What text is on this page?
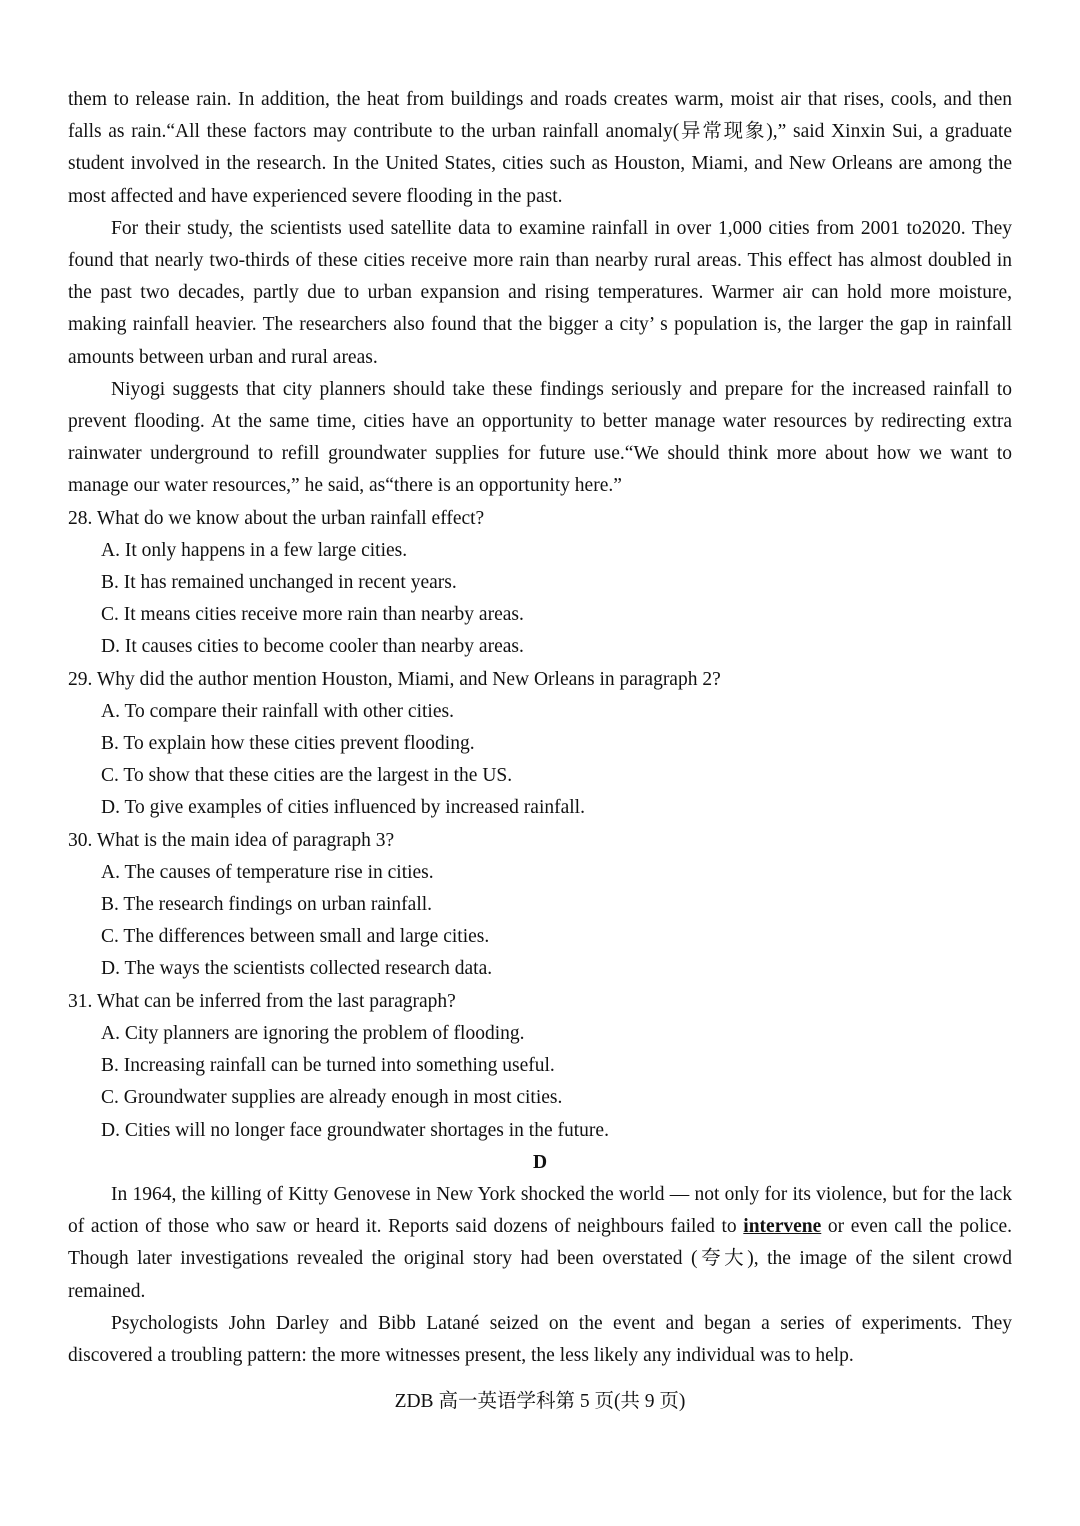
them to release rain. In addition, the heat from buildings and roads creates warm, moist air that rises, cools, and then falls as rain.“All these factors may contribute to the urban rainfall anomaly(异常现象),” said Xinxin Sui, a graduate student involved in the research. In the United States, cities such as Houston, Miami, and New Orleans are among the most affected and have experienced severe flooding in the past.

For their study, the scientists used satellite data to examine rainfall in over 1,000 cities from 2001 to2020. They found that nearly two-thirds of these cities receive more rain than nearby rural areas. This effect has almost doubled in the past two decades, partly due to urban expansion and rising temperatures. Warmer air can hold more moisture, making rainfall heavier. The researchers also found that the bigger a city’ s population is, the larger the gap in rainfall amounts between urban and rural areas.

Niyogi suggests that city planners should take these findings seriously and prepare for the increased rainfall to prevent flooding. At the same time, cities have an opportunity to better manage water resources by redirecting extra rainwater underground to refill groundwater supplies for future use.“We should think more about how we want to manage our water resources,” he said, as“there is an opportunity here.”

28. What do we know about the urban rainfall effect?

A. It only happens in a few large cities.

B. It has remained unchanged in recent years.

C. It means cities receive more rain than nearby areas.

D. It causes cities to become cooler than nearby areas.

29. Why did the author mention Houston, Miami, and New Orleans in paragraph 2?

A. To compare their rainfall with other cities.

B. To explain how these cities prevent flooding.

C. To show that these cities are the largest in the US.

D. To give examples of cities influenced by increased rainfall.

30. What is the main idea of paragraph 3?

A. The causes of temperature rise in cities.

B. The research findings on urban rainfall.

C. The differences between small and large cities.

D. The ways the scientists collected research data.

31. What can be inferred from the last paragraph?

A. City planners are ignoring the problem of flooding.

B. Increasing rainfall can be turned into something useful.

C. Groundwater supplies are already enough in most cities.

D. Cities will no longer face groundwater shortages in the future.

D

In 1964, the killing of Kitty Genovese in New York shocked the world — not only for its violence, but for the lack of action of those who saw or heard it. Reports said dozens of neighbours failed to intervene or even call the police. Though later investigations revealed the original story had been overstated (夸大), the image of the silent crowd remained.

Psychologists John Darley and Bibb Latané seized on the event and began a series of experiments. They discovered a troubling pattern: the more witnesses present, the less likely any individual was to help.

ZDB 高一英语学科第 5 页(共 9 页)
